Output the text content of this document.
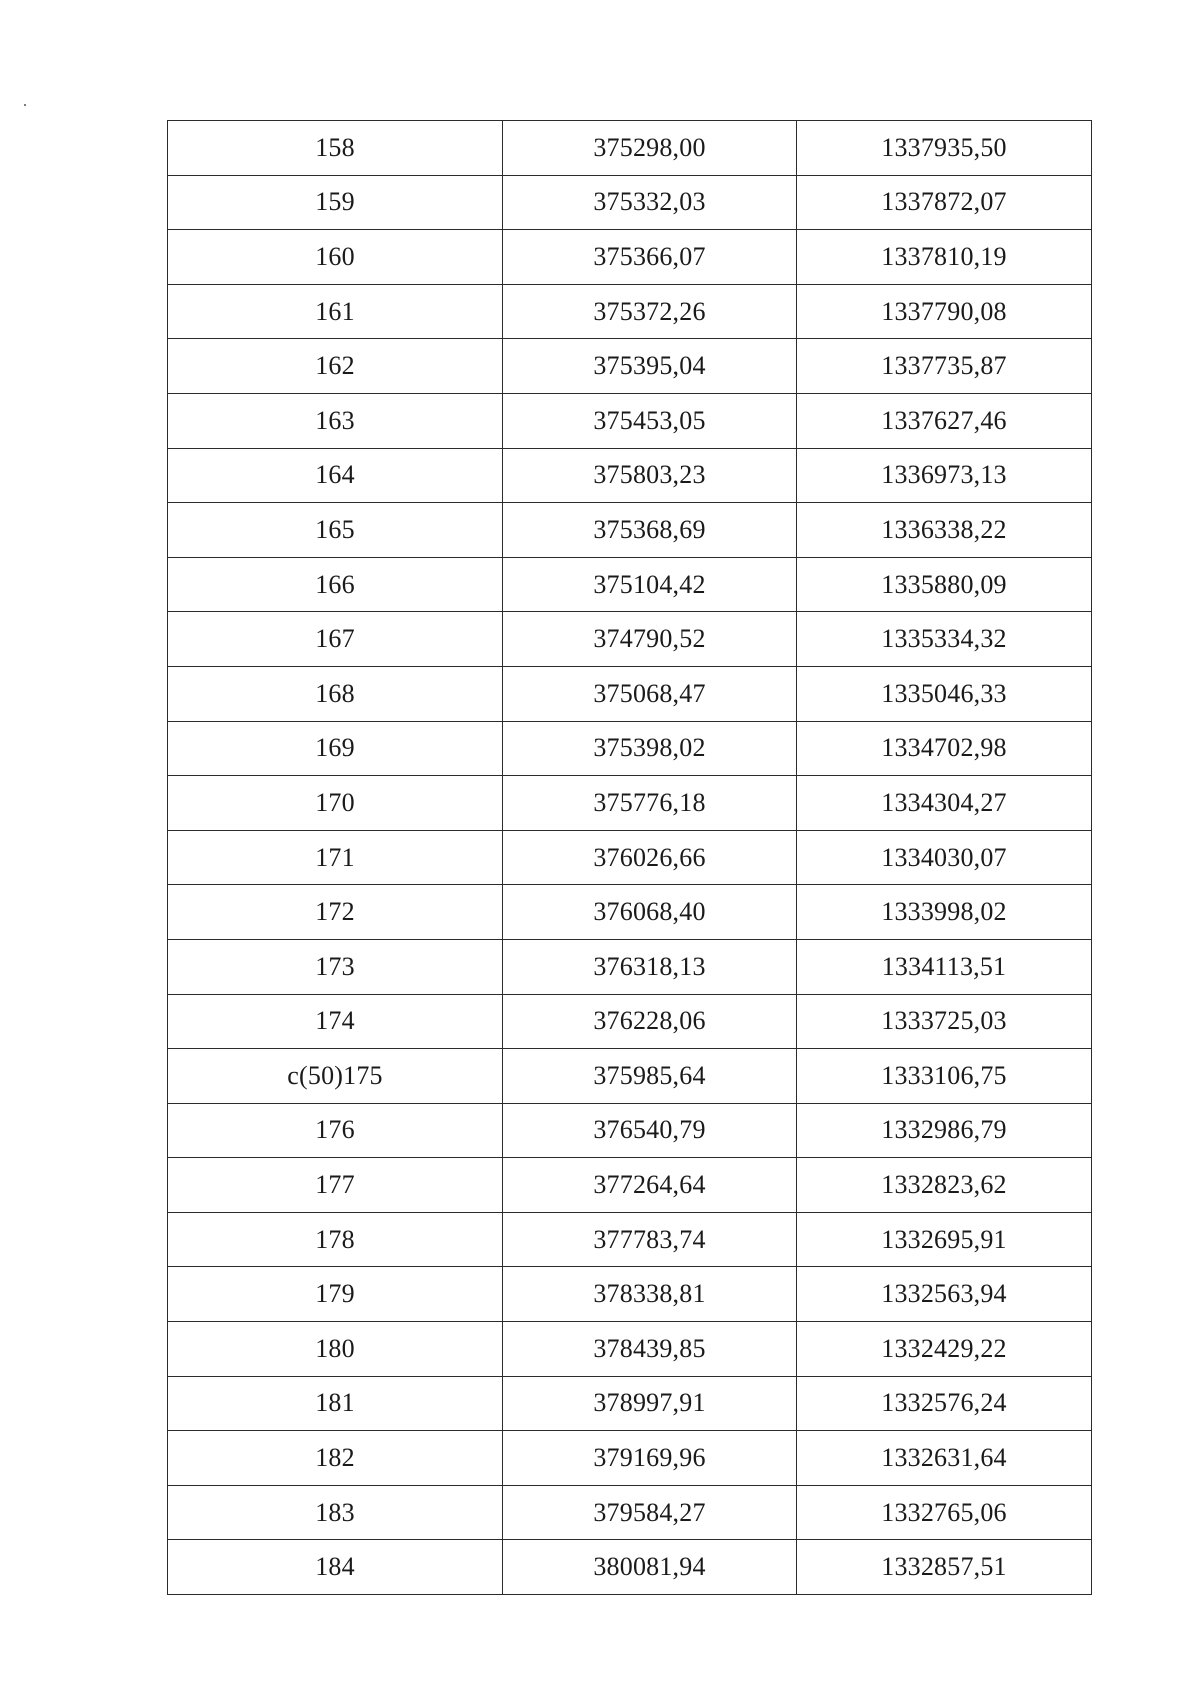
158	375298,00	1337935,50
159	375332,03	1337872,07
160	375366,07	1337810,19
161	375372,26	1337790,08
162	375395,04	1337735,87
163	375453,05	1337627,46
164	375803,23	1336973,13
165	375368,69	1336338,22
166	375104,42	1335880,09
167	374790,52	1335334,32
168	375068,47	1335046,33
169	375398,02	1334702,98
170	375776,18	1334304,27
171	376026,66	1334030,07
172	376068,40	1333998,02
173	376318,13	1334113,51
174	376228,06	1333725,03
c(50)175	375985,64	1333106,75
176	376540,79	1332986,79
177	377264,64	1332823,62
178	377783,74	1332695,91
179	378338,81	1332563,94
180	378439,85	1332429,22
181	378997,91	1332576,24
182	379169,96	1332631,64
183	379584,27	1332765,06
184	380081,94	1332857,51
